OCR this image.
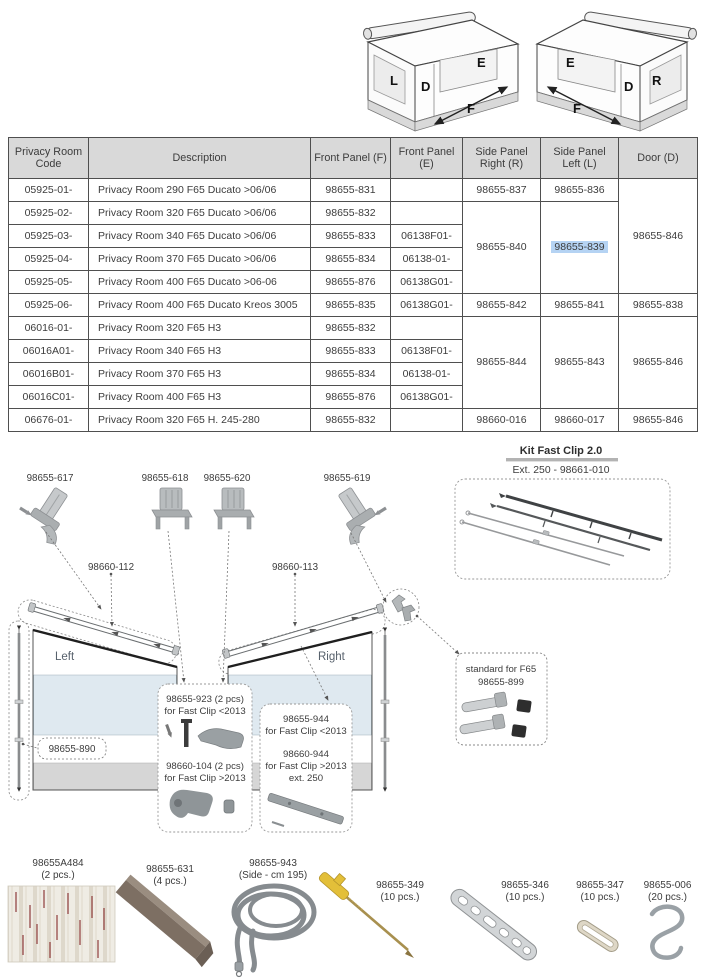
L D
E
F
E
D R
F
Privacy Room Code	Description	Front Panel (F)	Front Panel (E)	Side Panel Right (R)	Side Panel Left (L)	Door (D)
05925-01-	Privacy Room 290 F65 Ducato >06/06	98655-831		98655-837	98655-836	98655-846
05925-02-	Privacy Room 320 F65 Ducato >06/06	98655-832		98655-840	98655-839	
05925-03-	Privacy Room 340 F65 Ducato >06/06	98655-833	06138F01-			
05925-04-	Privacy Room 370 F65 Ducato >06/06	98655-834	06138-01-			
05925-05-	Privacy Room 400 F65 Ducato >06-06	98655-876	06138G01-			
05925-06-	Privacy Room 400 F65 Ducato Kreos 3005	98655-835	06138G01-	98655-842	98655-841	98655-838
06016-01-	Privacy Room 320 F65 H3	98655-832		98655-844	98655-843	98655-846
06016A01-	Privacy Room 340 F65 H3	98655-833	06138F01-			
06016B01-	Privacy Room 370 F65 H3	98655-834	06138-01-			
06016C01-	Privacy Room 400 F65 H3	98655-876	06138G01-			
06676-01-	Privacy Room 320 F65 H. 245-280	98655-832		98660-016	98660-017	98655-846
98655-617	98655-618 98655-620	98655-619
Kit Fast Clip 2.0
Ext. 250 - 98661-010
98660-112	98660-113
Left
98655-890
Right
standard for F65
98655-899
98655-923 (2 pcs)
for Fast Clip <2013
98660-104 (2 pcs)
for Fast Clip >2013
98655-944
for Fast Clip <2013
98660-944
for Fast Clip >2013
ext. 250
98655A484
(2 pcs.)	98655-631
(4 pcs.)
98655-943
(Side - cm 195)
98655-349
(10 pcs.)
98655-346
(10 pcs.)
98655-347
(10 pcs.)
98655-006
(20 pcs.)
